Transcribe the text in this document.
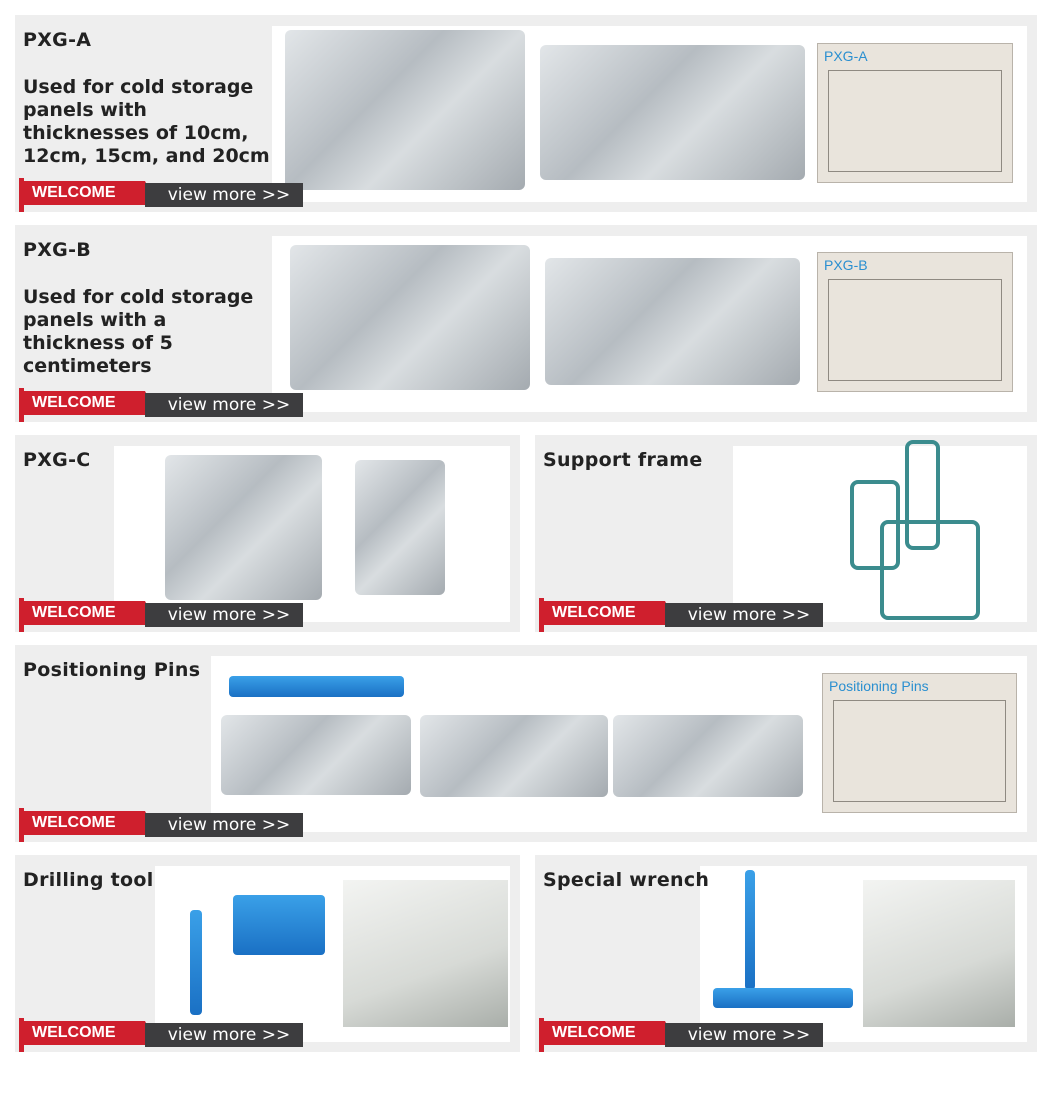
PXG-A
PXG-A
Used for cold storage panels with thicknesses of 10cm, 12cm, 15cm, and 20cm
WELCOME	view more >>
PXG-B
PXG-B
Used for cold storage panels with a thickness of 5 centimeters
WELCOME	view more >>
PXG-C
WELCOME	view more >>
Support frame
WELCOME	view more >>
Positioning Pins
Positioning Pins
WELCOME	view more >>
Drilling tool
WELCOME	view more >>
Special wrench
WELCOME	view more >>
